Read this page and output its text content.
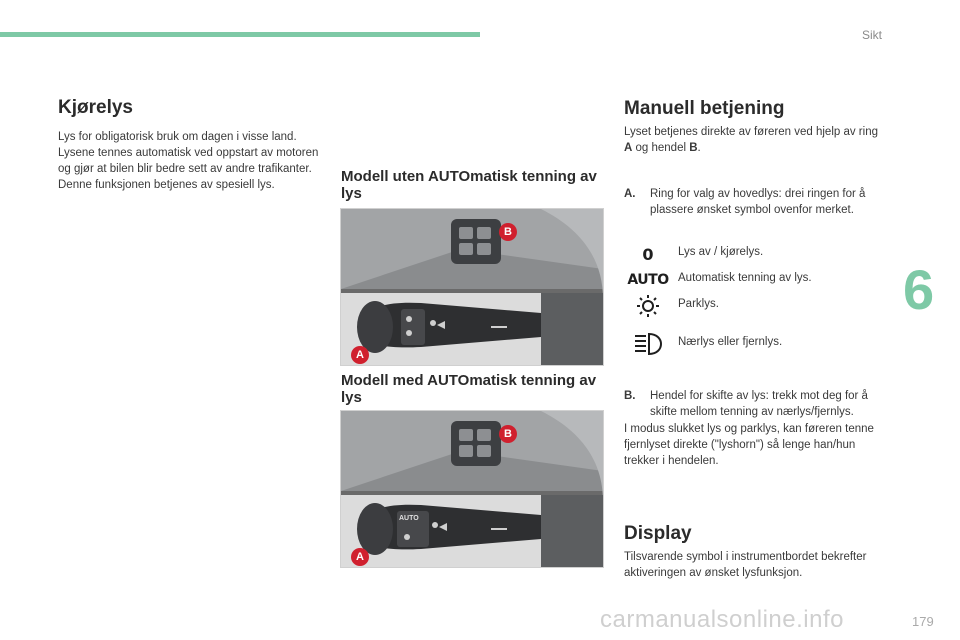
Sikt
6
Kjørelys

Lys for obligatorisk bruk om dagen i visse land.

Lysene tennes automatisk ved oppstart av motoren og gjør at bilen blir bedre sett av andre trafikanter.

Denne funksjonen betjenes av spesiell lys.	Modell uten AUTOmatisk tenning av lys
A
B
Modell med AUTOmatisk tenning av lys
AUTO
A
B
Manuell betjening

Lyset betjenes direkte av føreren ved hjelp av ring A og hendel B.

A. Ring for valg av hovedlys: drei ringen for å plassere ønsket symbol ovenfor merket.
0 Lys av / kjørelys.
AUTO Automatisk tenning av lys.
Parklys.
Nærlys eller fjernlys.
B. Hendel for skifte av lys: trekk mot deg for å skifte mellom tenning av nærlys/fjernlys.

I modus slukket lys og parklys, kan føreren tenne fjernlyset direkte ("lyshorn") så lenge han/hun trekker i hendelen.

Display

Tilsvarende symbol i instrumentbordet bekrefter aktiveringen av ønsket lysfunksjon.

carmanualsonline.info	179
